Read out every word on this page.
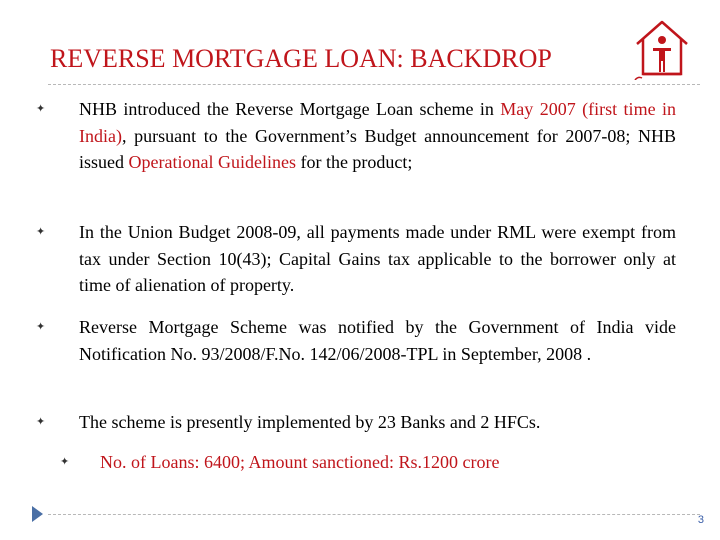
REVERSE MORTGAGE LOAN: BACKDROP
✦
NHB introduced the Reverse Mortgage Loan scheme in May 2007 (first time in India), pursuant to the Government’s Budget announcement for 2007-08; NHB issued Operational Guidelines for the product;
✦
In the Union Budget 2008-09, all payments made under RML were exempt from tax under Section 10(43); Capital Gains tax applicable to the borrower only at time of alienation of property.
✦
Reverse Mortgage Scheme was notified by the Government of India vide Notification No. 93/2008/F.No. 142/06/2008-TPL in September, 2008 .
✦
The scheme is presently implemented by 23 Banks and 2 HFCs.
✦
No. of Loans: 6400; Amount sanctioned: Rs.1200 crore
3
